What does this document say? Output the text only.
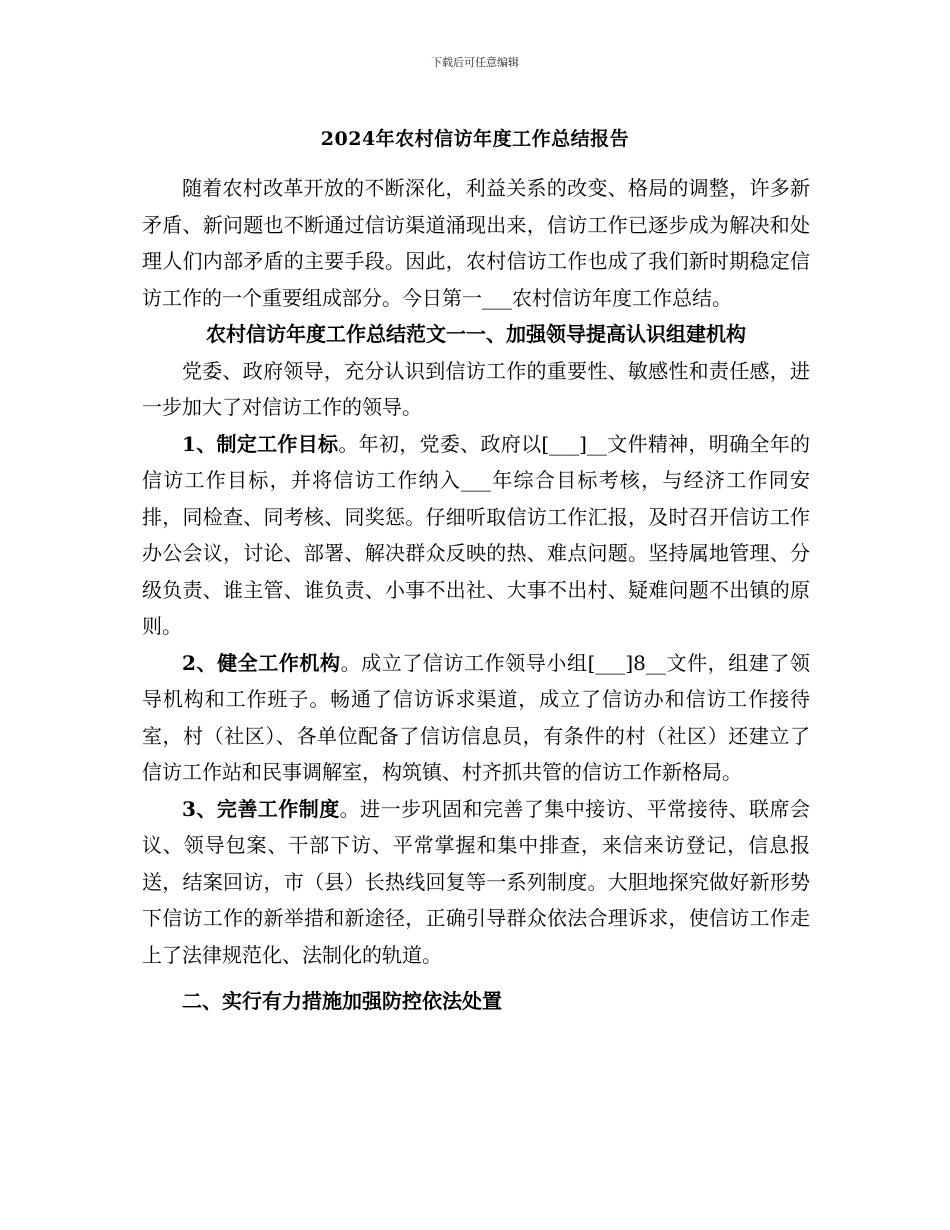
下载后可任意编辑
2024年农村信访年度工作总结报告

随着农村改革开放的不断深化，利益关系的改变、格局的调整，许多新矛盾、新问题也不断通过信访渠道涌现出来，信访工作已逐步成为解决和处理人们内部矛盾的主要手段。因此，农村信访工作也成了我们新时期稳定信访工作的一个重要组成部分。今日第一___农村信访年度工作总结。

农村信访年度工作总结范文一一、加强领导提高认识组建机构

党委、政府领导，充分认识到信访工作的重要性、敏感性和责任感，进一步加大了对信访工作的领导。

1、制定工作目标。年初，党委、政府以[___]__文件精神，明确全年的信访工作目标，并将信访工作纳入___年综合目标考核，与经济工作同安排，同检查、同考核、同奖惩。仔细听取信访工作汇报，及时召开信访工作办公会议，讨论、部署、解决群众反映的热、难点问题。坚持属地管理、分级负责、谁主管、谁负责、小事不出社、大事不出村、疑难问题不出镇的原则。

2、健全工作机构。成立了信访工作领导小组[___]8__文件，组建了领导机构和工作班子。畅通了信访诉求渠道，成立了信访办和信访工作接待室，村（社区）、各单位配备了信访信息员，有条件的村（社区）还建立了信访工作站和民事调解室，构筑镇、村齐抓共管的信访工作新格局。

3、完善工作制度。进一步巩固和完善了集中接访、平常接待、联席会议、领导包案、干部下访、平常掌握和集中排查，来信来访登记，信息报送，结案回访，市（县）长热线回复等一系列制度。大胆地探究做好新形势下信访工作的新举措和新途径，正确引导群众依法合理诉求，使信访工作走上了法律规范化、法制化的轨道。

二、实行有力措施加强防控依法处置
